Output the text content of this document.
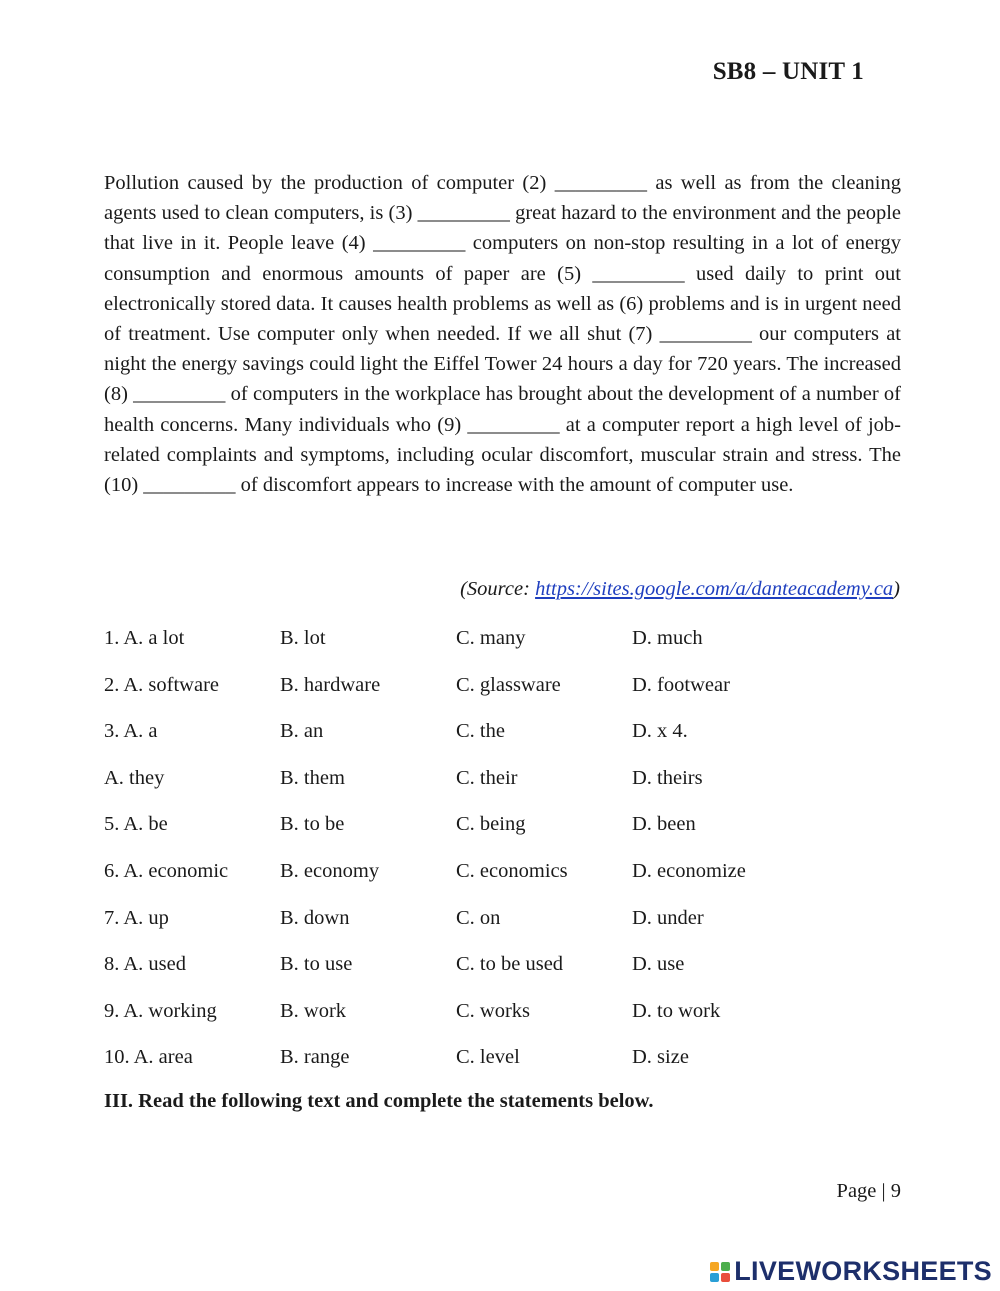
SB8 – UNIT 1

Pollution caused by the production of computer (2) _________ as well as from the cleaning agents used to clean computers, is (3) _________ great hazard to the environment and the people that live in it. People leave (4) _________ computers on non-stop resulting in a lot of energy consumption and enormous amounts of paper are (5) _________ used daily to print out electronically stored data. It causes health problems as well as (6) problems and is in urgent need of treatment. Use computer only when needed. If we all shut (7) _________ our computers at night the energy savings could light the Eiffel Tower 24 hours a day for 720 years. The increased (8) _________ of computers in the workplace has brought about the development of a number of health concerns. Many individuals who (9) _________ at a computer report a high level of job-related complaints and symptoms, including ocular discomfort, muscular strain and stress. The (10) _________ of discomfort appears to increase with the amount of computer use.

(Source: https://sites.google.com/a/danteacademy.ca)
1. A. a lot	B. lot	C. many	D. much
2. A. software	B. hardware	C. glassware	D. footwear
3. A. a	B. an	C. the	D. x 4.
A. they	B. them	C. their	D. theirs
5. A. be	B. to be	C. being	D. been
6. A. economic	B. economy	C. economics	D. economize
7. A. up	B. down	C. on	D. under
8. A. used	B. to use	C. to be used	D. use
9. A. working	B. work	C. works	D. to work
10. A. area	B. range	C. level	D. size
III. Read the following text and complete the statements below.
Page | 9
LIVEWORKSHEETS
